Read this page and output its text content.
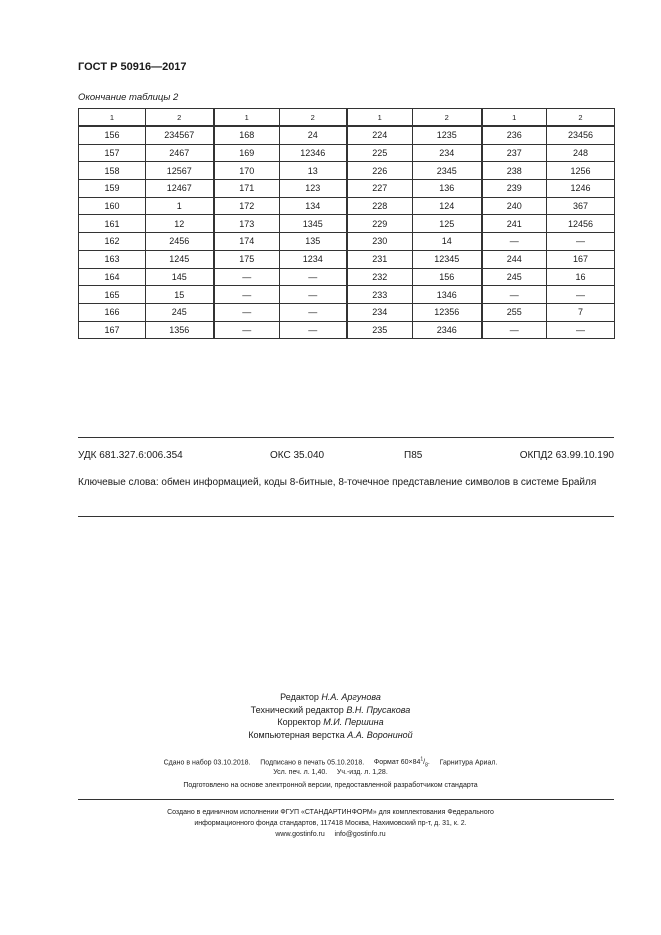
ГОСТ Р 50916—2017
Окончание таблицы 2
1	2	1	2	1	2	1	2
156	234567	168	24	224	1235	236	23456
157	2467	169	12346	225	234	237	248
158	12567	170	13	226	2345	238	1256
159	12467	171	123	227	136	239	1246
160	1	172	134	228	124	240	367
161	12	173	1345	229	125	241	12456
162	2456	174	135	230	14	—	—
163	1245	175	1234	231	12345	244	167
164	145	—	—	232	156	245	16
165	15	—	—	233	1346	—	—
166	245	—	—	234	12356	255	7
167	1356	—	—	235	2346	—	—
УДК 681.327.6:006.354	ОКС 35.040	П85	ОКПД2 63.99.10.190
Ключевые слова: обмен информацией, коды 8-битные, 8-точечное представление символов в системе Брайля
Редактор Н.А. Аргунова
Технический редактор В.Н. Прусакова
Корректор М.И. Першина
Компьютерная верстка А.А. Ворониной
Сдано в набор 03.10.2018. Подписано в печать 05.10.2018. Формат $60\times 84^1/_8$. Гарнитура Ариал.
Усл. печ. л. 1,40. Уч.-изд. л. 1,28.
Подготовлено на основе электронной версии, предоставленной разработчиком стандарта
Создано в единичном исполнении ФГУП «СТАНДАРТИНФОРМ» для комплектования Федерального
информационного фонда стандартов, 117418 Москва, Нахимовский пр-т, д. 31, к. 2.
www.gostinfo.ru info@gostinfo.ru
